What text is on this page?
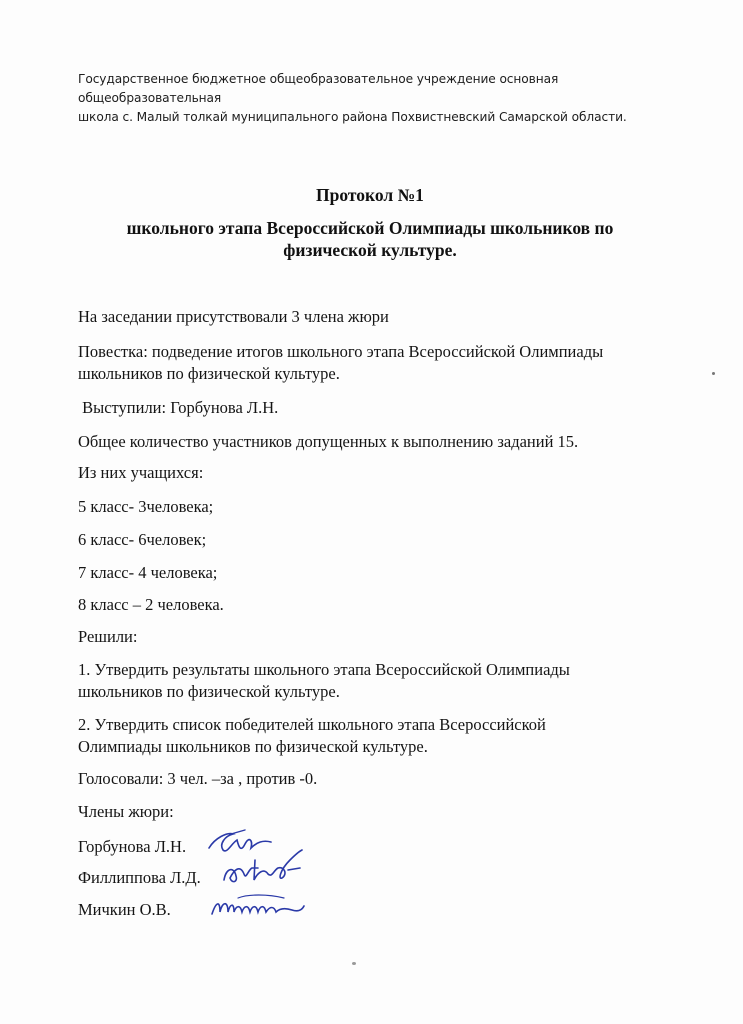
Государственное бюджетное общеобразовательное учреждение основная общеобразовательная
школа с. Малый толкай муниципального района Похвистневский Самарской области.
Протокол №1
школьного этапа Всероссийской Олимпиады школьников по
физической культуре.

На заседании присутствовали 3 члена жюри

Повестка: подведение итогов школьного этапа Всероссийской Олимпиады
школьников по физической культуре.

Выступили: Горбунова Л.Н.

Общее количество участников допущенных к выполнению заданий 15.

Из них учащихся:

5 класс- 3человека;

6 класс- 6человек;

7 класс- 4 человека;

8 класс – 2 человека.

Решили:

1. Утвердить результаты школьного этапа Всероссийской Олимпиады
школьников по физической культуре.
2. Утвердить список победителей школьного этапа Всероссийской
Олимпиады школьников по физической культуре.

Голосовали: 3 чел. –за , против -0.

Члены жюри:

Горбунова Л.Н.
Филлиппова Л.Д.
Мичкин О.В.
